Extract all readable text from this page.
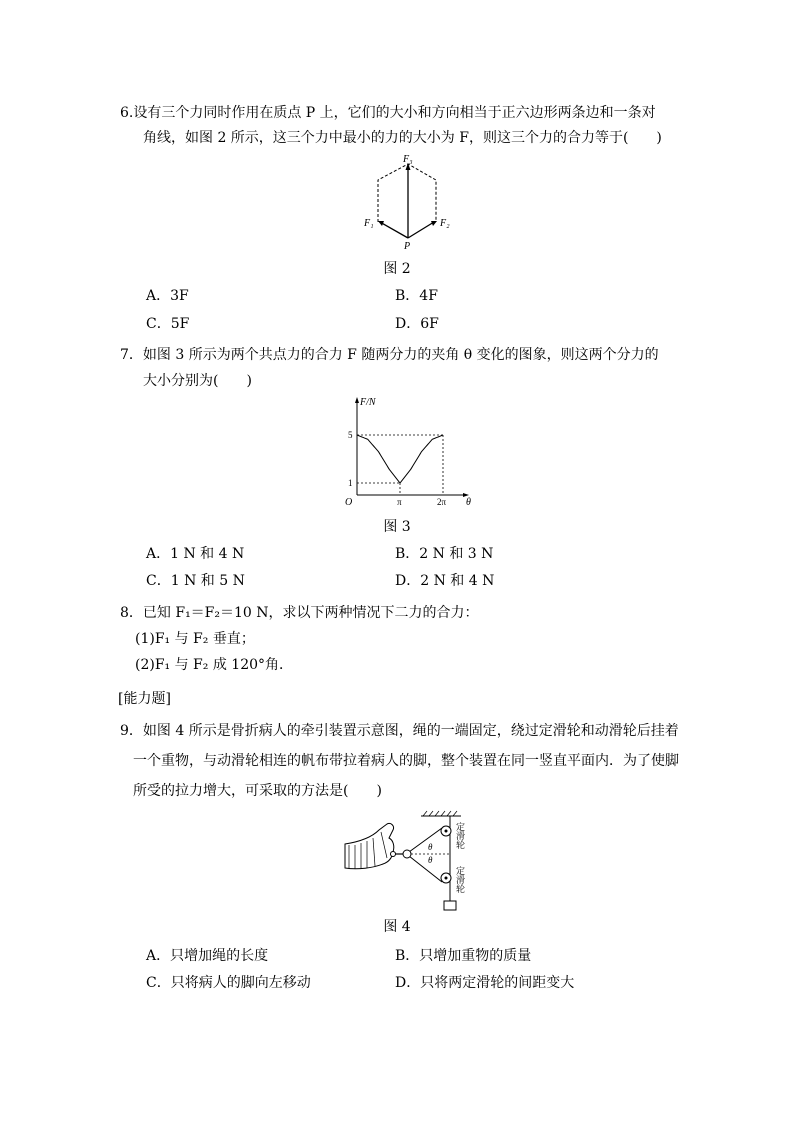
6.设有三个力同时作用在质点 P 上，它们的大小和方向相当于正六边形两条边和一条对
角线，如图 2 所示，这三个力中最小的力的大小为 F，则这三个力的合力等于(　　)
F₃
F₁	F₂
P
图 2
A．3F	B．4F
C．5F	D．6F
7．如图 3 所示为两个共点力的合力 F 随两分力的夹角 θ 变化的图象，则这两个分力的
大小分别为(　　)
F/N
θ
O	π	2π
1
5
图 3
A．1 N 和 4 N	B．2 N 和 3 N
C．1 N 和 5 N	D．2 N 和 4 N
8．已知 F₁＝F₂＝10 N，求以下两种情况下二力的合力：
(1)F₁ 与 F₂ 垂直；
(2)F₁ 与 F₂ 成 120°角．
[能力题]
9．如图 4 所示是骨折病人的牵引装置示意图，绳的一端固定，绕过定滑轮和动滑轮后挂着
一个重物，与动滑轮相连的帆布带拉着病人的脚，整个装置在同一竖直平面内．为了使脚
所受的拉力增大，可采取的方法是(　　)
θ
θ
定滑轮
定滑轮
图 4
A．只增加绳的长度	B．只增加重物的质量
C．只将病人的脚向左移动	D．只将两定滑轮的间距变大
